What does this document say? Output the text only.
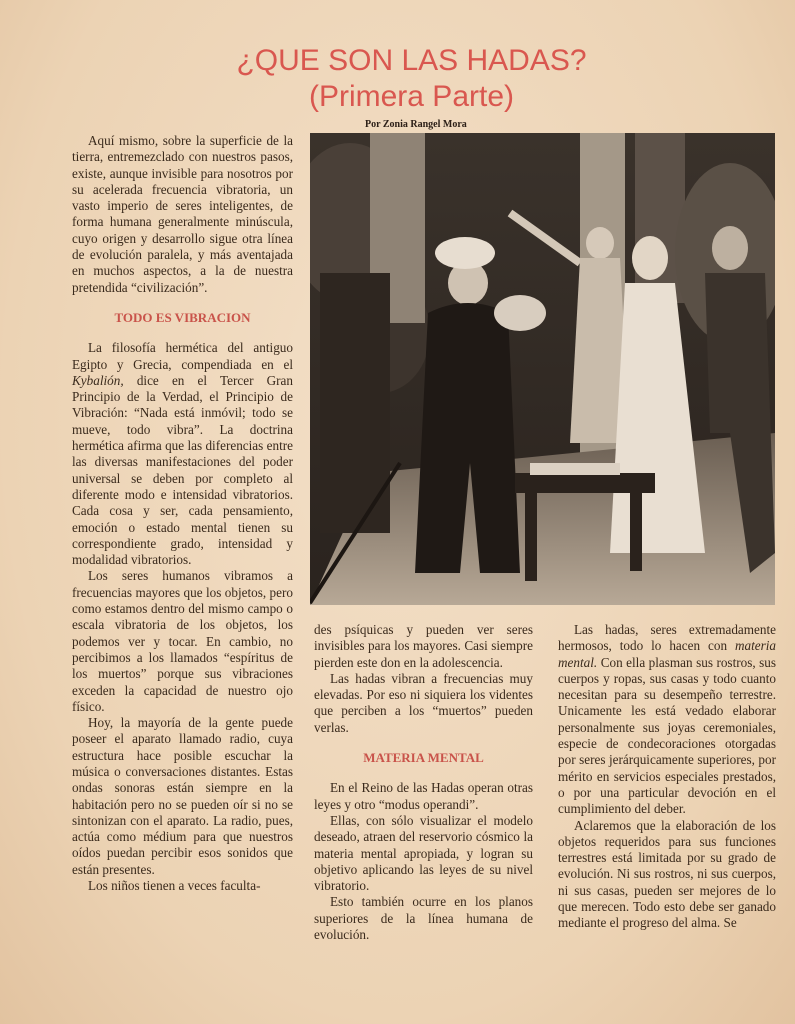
¿QUE SON LAS HADAS?
(Primera Parte)
Por Zonia Rangel Mora

Aquí mismo, sobre la superficie de la tierra, entremezclado con nuestros pasos, existe, aunque invisible para nosotros por su acelerada frecuencia vibratoria, un vasto imperio de seres inteligentes, de forma humana generalmente minúscula, cuyo origen y desarrollo sigue otra línea de evolución paralela, y más aventajada en muchos aspectos, a la de nuestra pretendida “civilización”.

TODO ES VIBRACION

La filosofía hermética del antiguo Egipto y Grecia, compendiada en el Kybalión, dice en el Tercer Gran Principio de la Verdad, el Principio de Vibración: “Nada está inmóvil; todo se mueve, todo vibra”. La doctrina hermética afirma que las diferencias entre las diversas manifestaciones del poder universal se deben por completo al diferente modo e intensidad vibratorios. Cada cosa y ser, cada pensamiento, emoción o estado mental tienen su correspondiente grado, intensidad y modalidad vibratorios.

Los seres humanos vibramos a frecuencias mayores que los objetos, pero como estamos dentro del mismo campo o escala vibratoria de los objetos, los podemos ver y tocar. En cambio, no percibimos a los llamados “espíritus de los muertos” porque sus vibraciones exceden la capacidad de nuestro ojo físico.

Hoy, la mayoría de la gente puede poseer el aparato llamado radio, cuya estructura hace posible escuchar la música o conversaciones distantes. Estas ondas sonoras están siempre en la habitación pero no se pueden oír si no se sintonizan con el aparato. La radio, pues, actúa como médium para que nuestros oídos puedan percibir esos sonidos que están presentes.

Los niños tienen a veces faculta-

des psíquicas y pueden ver seres invisibles para los mayores. Casi siempre pierden este don en la adolescencia.

Las hadas vibran a frecuencias muy elevadas. Por eso ni siquiera los videntes que perciben a los “muertos” pueden verlas.

MATERIA MENTAL

En el Reino de las Hadas operan otras leyes y otro “modus operandi”.

Ellas, con sólo visualizar el modelo deseado, atraen del reservorio cósmico la materia mental apropiada, y logran su objetivo aplicando las leyes de su nivel vibratorio.

Esto también ocurre en los planos superiores de la línea humana de evolución.

Las hadas, seres extremadamente hermosos, todo lo hacen con materia mental. Con ella plasman sus rostros, sus cuerpos y ropas, sus casas y todo cuanto necesitan para su desempeño terrestre. Unicamente les está vedado elaborar personalmente sus joyas ceremoniales, especie de condecoraciones otorgadas por seres jerárquicamente superiores, por mérito en servicios especiales prestados, o por una particular devoción en el cumplimiento del deber.

Aclaremos que la elaboración de los objetos requeridos para sus funciones terrestres está limitada por su grado de evolución. Ni sus rostros, ni sus cuerpos, ni sus casas, pueden ser mejores de lo que merecen. Todo esto debe ser ganado mediante el progreso del alma. Se
